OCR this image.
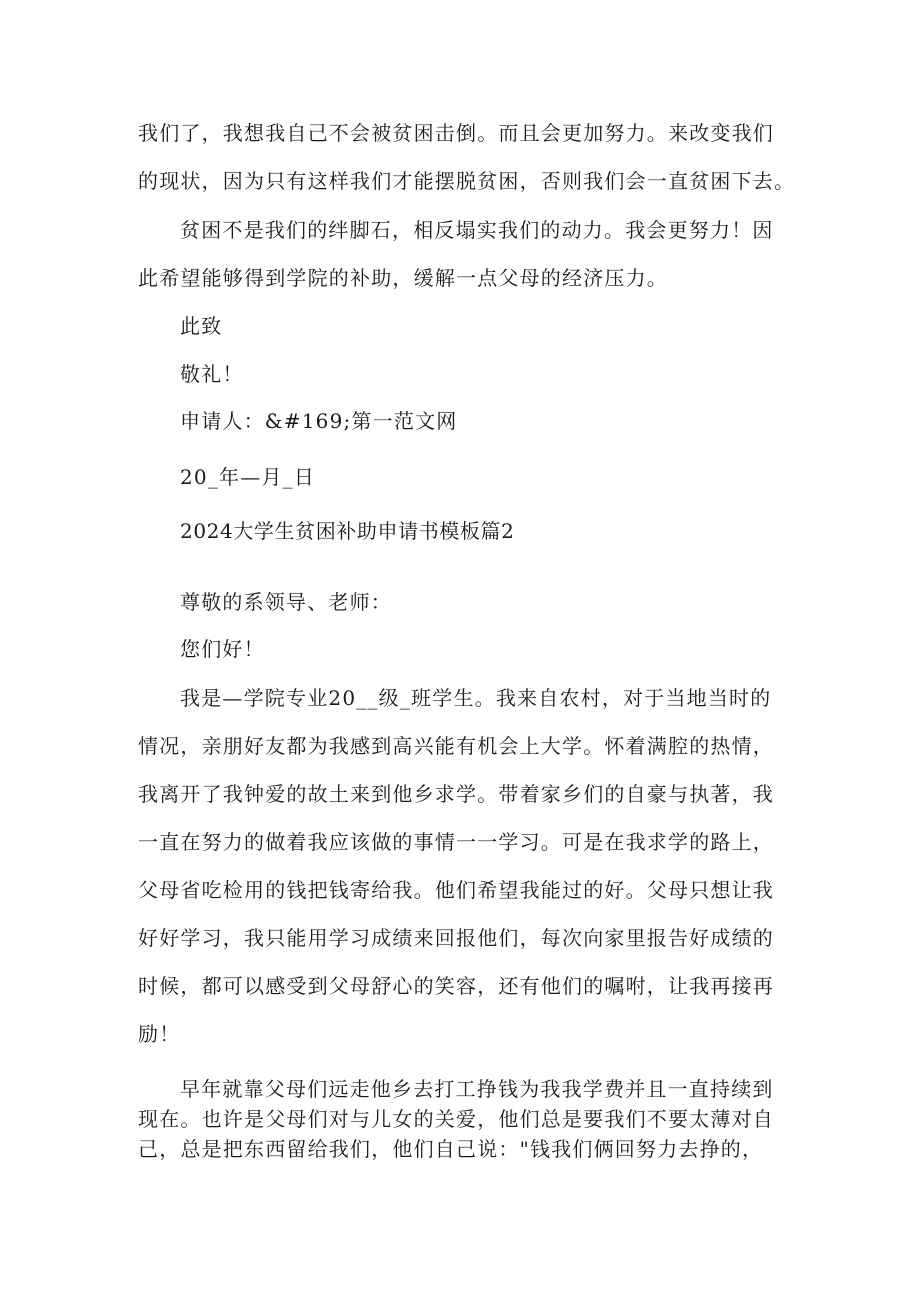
我们了，我想我自己不会被贫困击倒。而且会更加努力。来改变我们
的现状，因为只有这样我们才能摆脱贫困，否则我们会一直贫困下去。
贫困不是我们的绊脚石，相反塌实我们的动力。我会更努力！因
此希望能够得到学院的补助，缓解一点父母的经济压力。
此致
敬礼！
申请人：&#169;第一范文网
20_年—月_日
2024大学生贫困补助申请书模板篇2
尊敬的系领导、老师：
您们好！
我是—学院专业20__级_班学生。我来自农村，对于当地当时的
情况，亲朋好友都为我感到高兴能有机会上大学。怀着满腔的热情，
我离开了我钟爱的故土来到他乡求学。带着家乡们的自豪与执著，我
一直在努力的做着我应该做的事情一一学习。可是在我求学的路上，
父母省吃检用的钱把钱寄给我。他们希望我能过的好。父母只想让我
好好学习，我只能用学习成绩来回报他们，每次向家里报告好成绩的
时候，都可以感受到父母舒心的笑容，还有他们的嘱咐，让我再接再
励！
早年就靠父母们远走他乡去打工挣钱为我我学费并且一直持续到
现在。也许是父母们对与儿女的关爱，他们总是要我们不要太薄对自
己，总是把东西留给我们，他们自己说："钱我们俩回努力去挣的，
